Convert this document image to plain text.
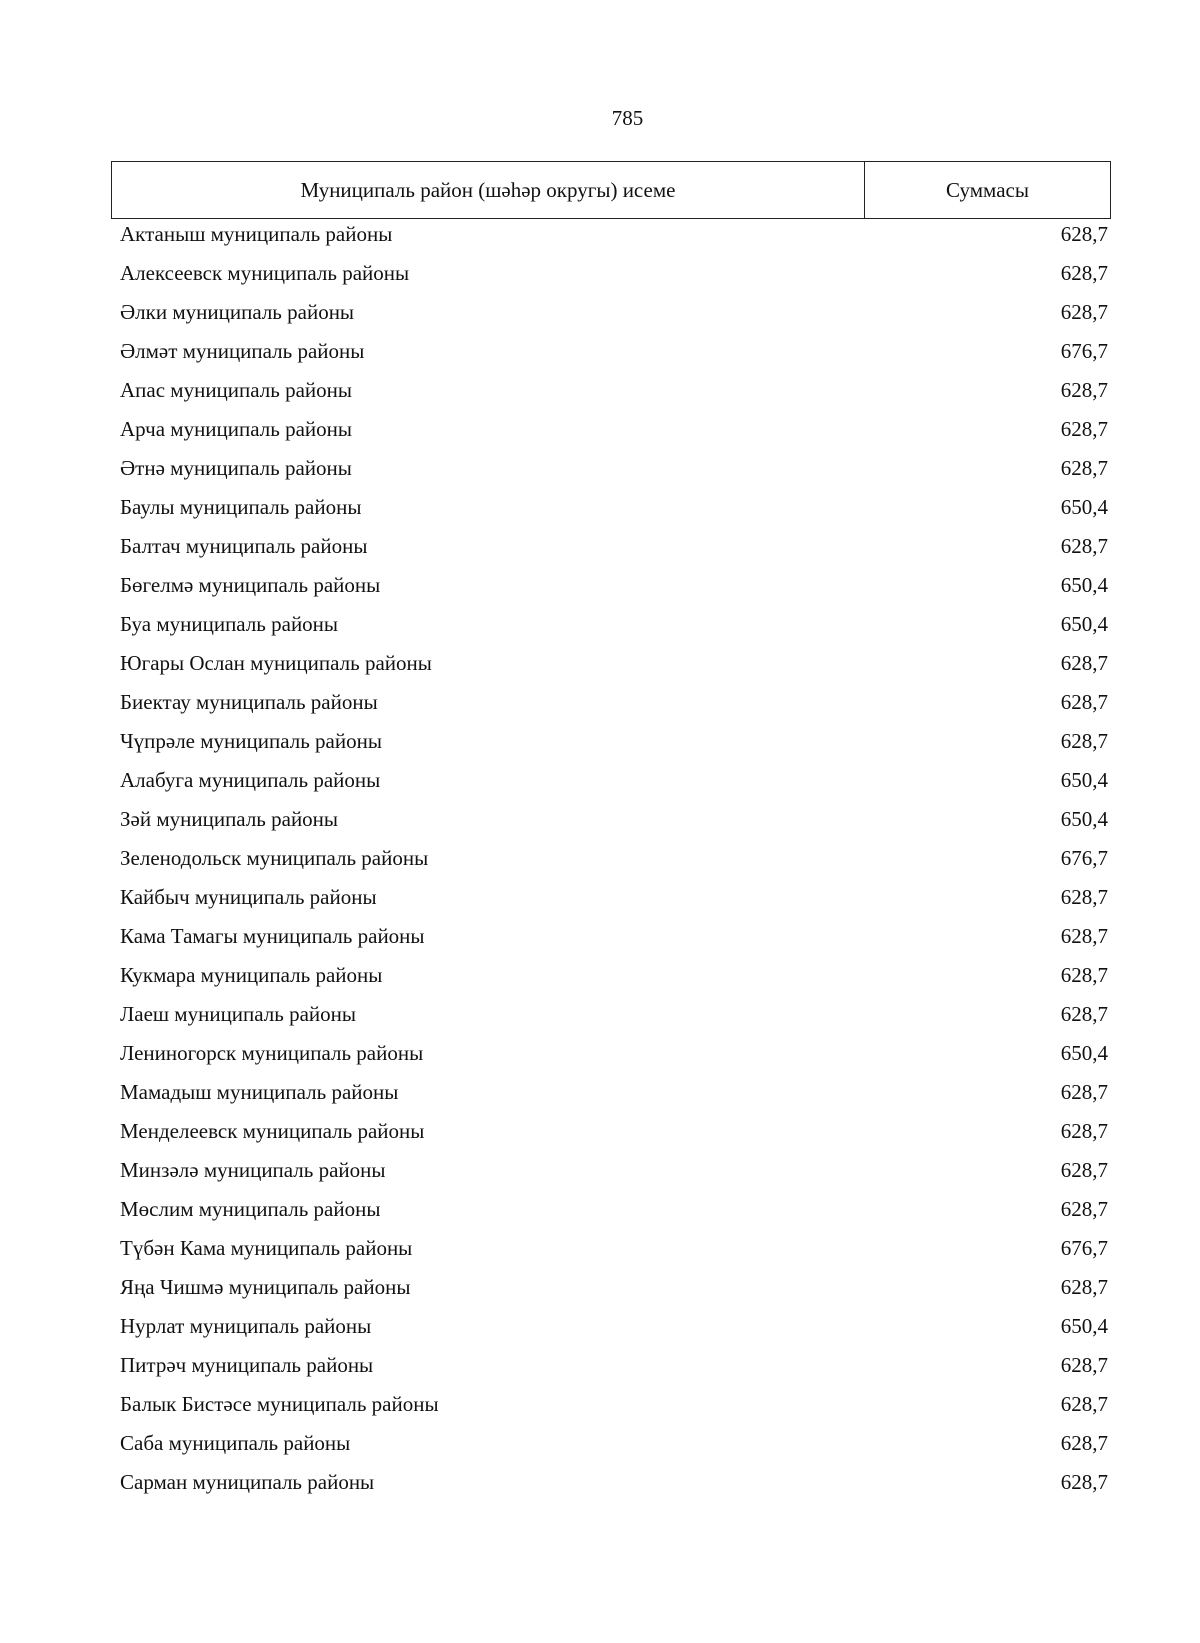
785
Муниципаль район (шәһәр округы) исеме	Суммасы
Актаныш муниципаль районы	628,7
Алексеевск муниципаль районы	628,7
Әлки муниципаль районы	628,7
Әлмәт муниципаль районы	676,7
Апас муниципаль районы	628,7
Арча муниципаль районы	628,7
Әтнә муниципаль районы	628,7
Баулы муниципаль районы	650,4
Балтач муниципаль районы	628,7
Бөгелмә муниципаль районы	650,4
Буа муниципаль районы	650,4
Югары Ослан муниципаль районы	628,7
Биектау муниципаль районы	628,7
Чүпрәле муниципаль районы	628,7
Алабуга муниципаль районы	650,4
Зәй муниципаль районы	650,4
Зеленодольск муниципаль районы	676,7
Кайбыч муниципаль районы	628,7
Кама Тамагы муниципаль районы	628,7
Кукмара муниципаль районы	628,7
Лаеш муниципаль районы	628,7
Лениногорск муниципаль районы	650,4
Мамадыш муниципаль районы	628,7
Менделеевск муниципаль районы	628,7
Минзәлә муниципаль районы	628,7
Мөслим муниципаль районы	628,7
Түбән Кама муниципаль районы	676,7
Яңа Чишмә муниципаль районы	628,7
Нурлат муниципаль районы	650,4
Питрәч муниципаль районы	628,7
Балык Бистәсе муниципаль районы	628,7
Саба муниципаль районы	628,7
Сарман муниципаль районы	628,7
